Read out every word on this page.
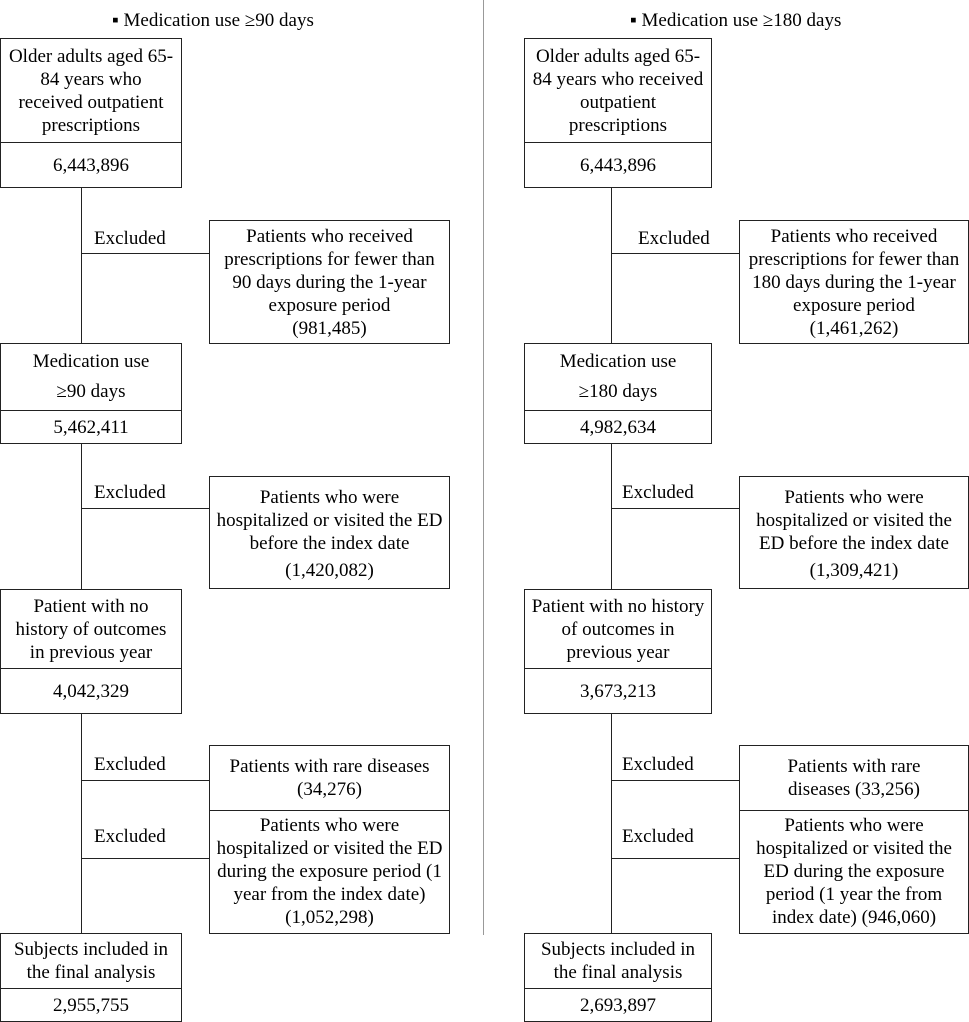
▪ Medication use ≥90 days
Older adults aged 65-84 years who received outpatient prescriptions
6,443,896
Excluded	Patients who received prescriptions for fewer than 90 days during the 1-year exposure period
(981,485)
Medication use
≥90 days
5,462,411
Excluded	Patients who were hospitalized or visited the ED before the index date
(1,420,082)
Patient with no history of outcomes in previous year
4,042,329
Excluded
Excluded
Patients with rare diseases (34,276)
Patients who were hospitalized or visited the ED during the exposure period (1 year from the index date) (1,052,298)
Subjects included in the final analysis
2,955,755
▪ Medication use ≥180 days
Older adults aged 65-84 years who received outpatient prescriptions
6,443,896
Excluded	Patients who received prescriptions for fewer than 180 days during the 1-year exposure period
(1,461,262)
Medication use
≥180 days
4,982,634
Excluded	Patients who were hospitalized or visited the ED before the index date
(1,309,421)
Patient with no history of outcomes in previous year
3,673,213
Excluded
Excluded
Patients with rare diseases (33,256)
Patients who were hospitalized or visited the ED during the exposure period (1 year the from index date) (946,060)
Subjects included in the final analysis
2,693,897
